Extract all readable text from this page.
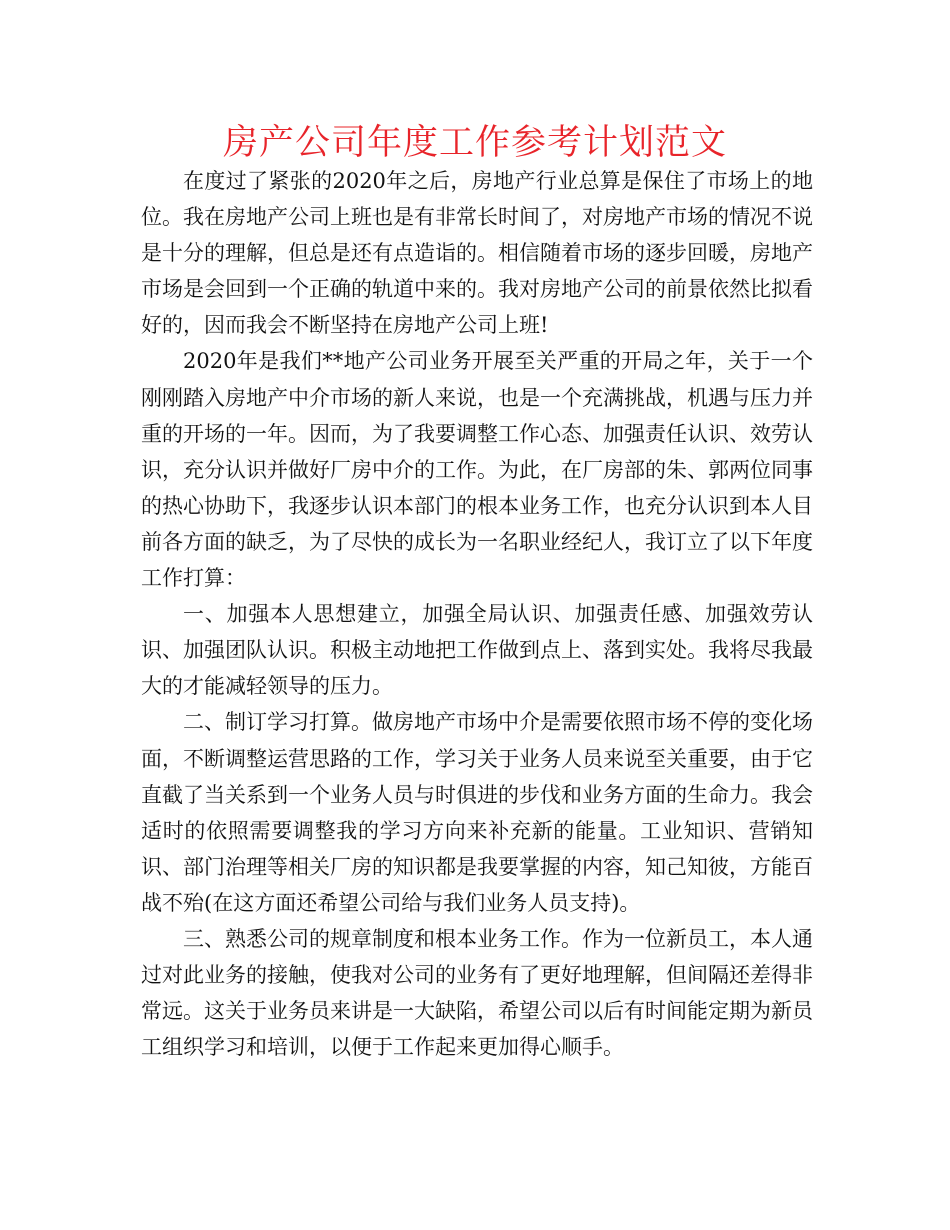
房产公司年度工作参考计划范文

在度过了紧张的2020年之后，房地产行业总算是保住了市场上的地位。我在房地产公司上班也是有非常长时间了，对房地产市场的情况不说是十分的理解，但总是还有点造诣的。相信随着市场的逐步回暖，房地产市场是会回到一个正确的轨道中来的。我对房地产公司的前景依然比拟看好的，因而我会不断坚持在房地产公司上班!

2020年是我们**地产公司业务开展至关严重的开局之年，关于一个刚刚踏入房地产中介市场的新人来说，也是一个充满挑战，机遇与压力并重的开场的一年。因而，为了我要调整工作心态、加强责任认识、效劳认识，充分认识并做好厂房中介的工作。为此，在厂房部的朱、郭两位同事的热心协助下，我逐步认识本部门的根本业务工作，也充分认识到本人目前各方面的缺乏，为了尽快的成长为一名职业经纪人，我订立了以下年度工作打算：

一、加强本人思想建立，加强全局认识、加强责任感、加强效劳认识、加强团队认识。积极主动地把工作做到点上、落到实处。我将尽我最大的才能减轻领导的压力。

二、制订学习打算。做房地产市场中介是需要依照市场不停的变化场面，不断调整运营思路的工作，学习关于业务人员来说至关重要，由于它直截了当关系到一个业务人员与时俱进的步伐和业务方面的生命力。我会适时的依照需要调整我的学习方向来补充新的能量。工业知识、营销知识、部门治理等相关厂房的知识都是我要掌握的内容，知己知彼，方能百战不殆(在这方面还希望公司给与我们业务人员支持)。

三、熟悉公司的规章制度和根本业务工作。作为一位新员工，本人通过对此业务的接触，使我对公司的业务有了更好地理解，但间隔还差得非常远。这关于业务员来讲是一大缺陷，希望公司以后有时间能定期为新员工组织学习和培训，以便于工作起来更加得心顺手。
